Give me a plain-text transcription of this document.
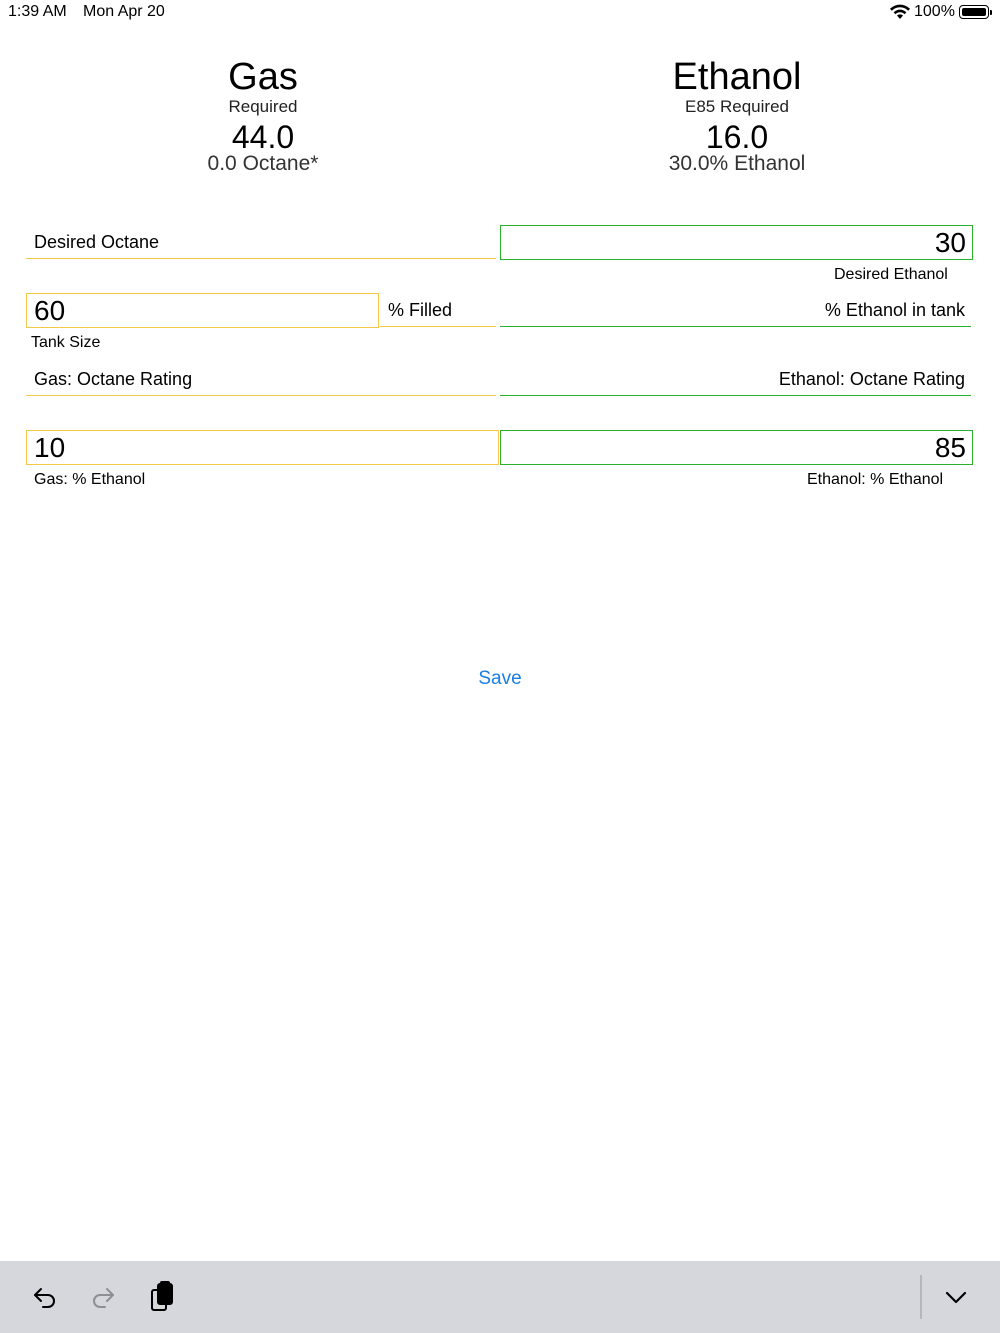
1:39 AM Mon Apr 20	100%
Gas
Required
44.0
0.0 Octane*
Ethanol
E85 Required
16.0
30.0% Ethanol
Desired Octane	30
Desired Ethanol
60	% Filled	% Ethanol in tank
Tank Size
Gas: Octane Rating	Ethanol: Octane Rating
10	85
Gas: % Ethanol	Ethanol: % Ethanol
Save
